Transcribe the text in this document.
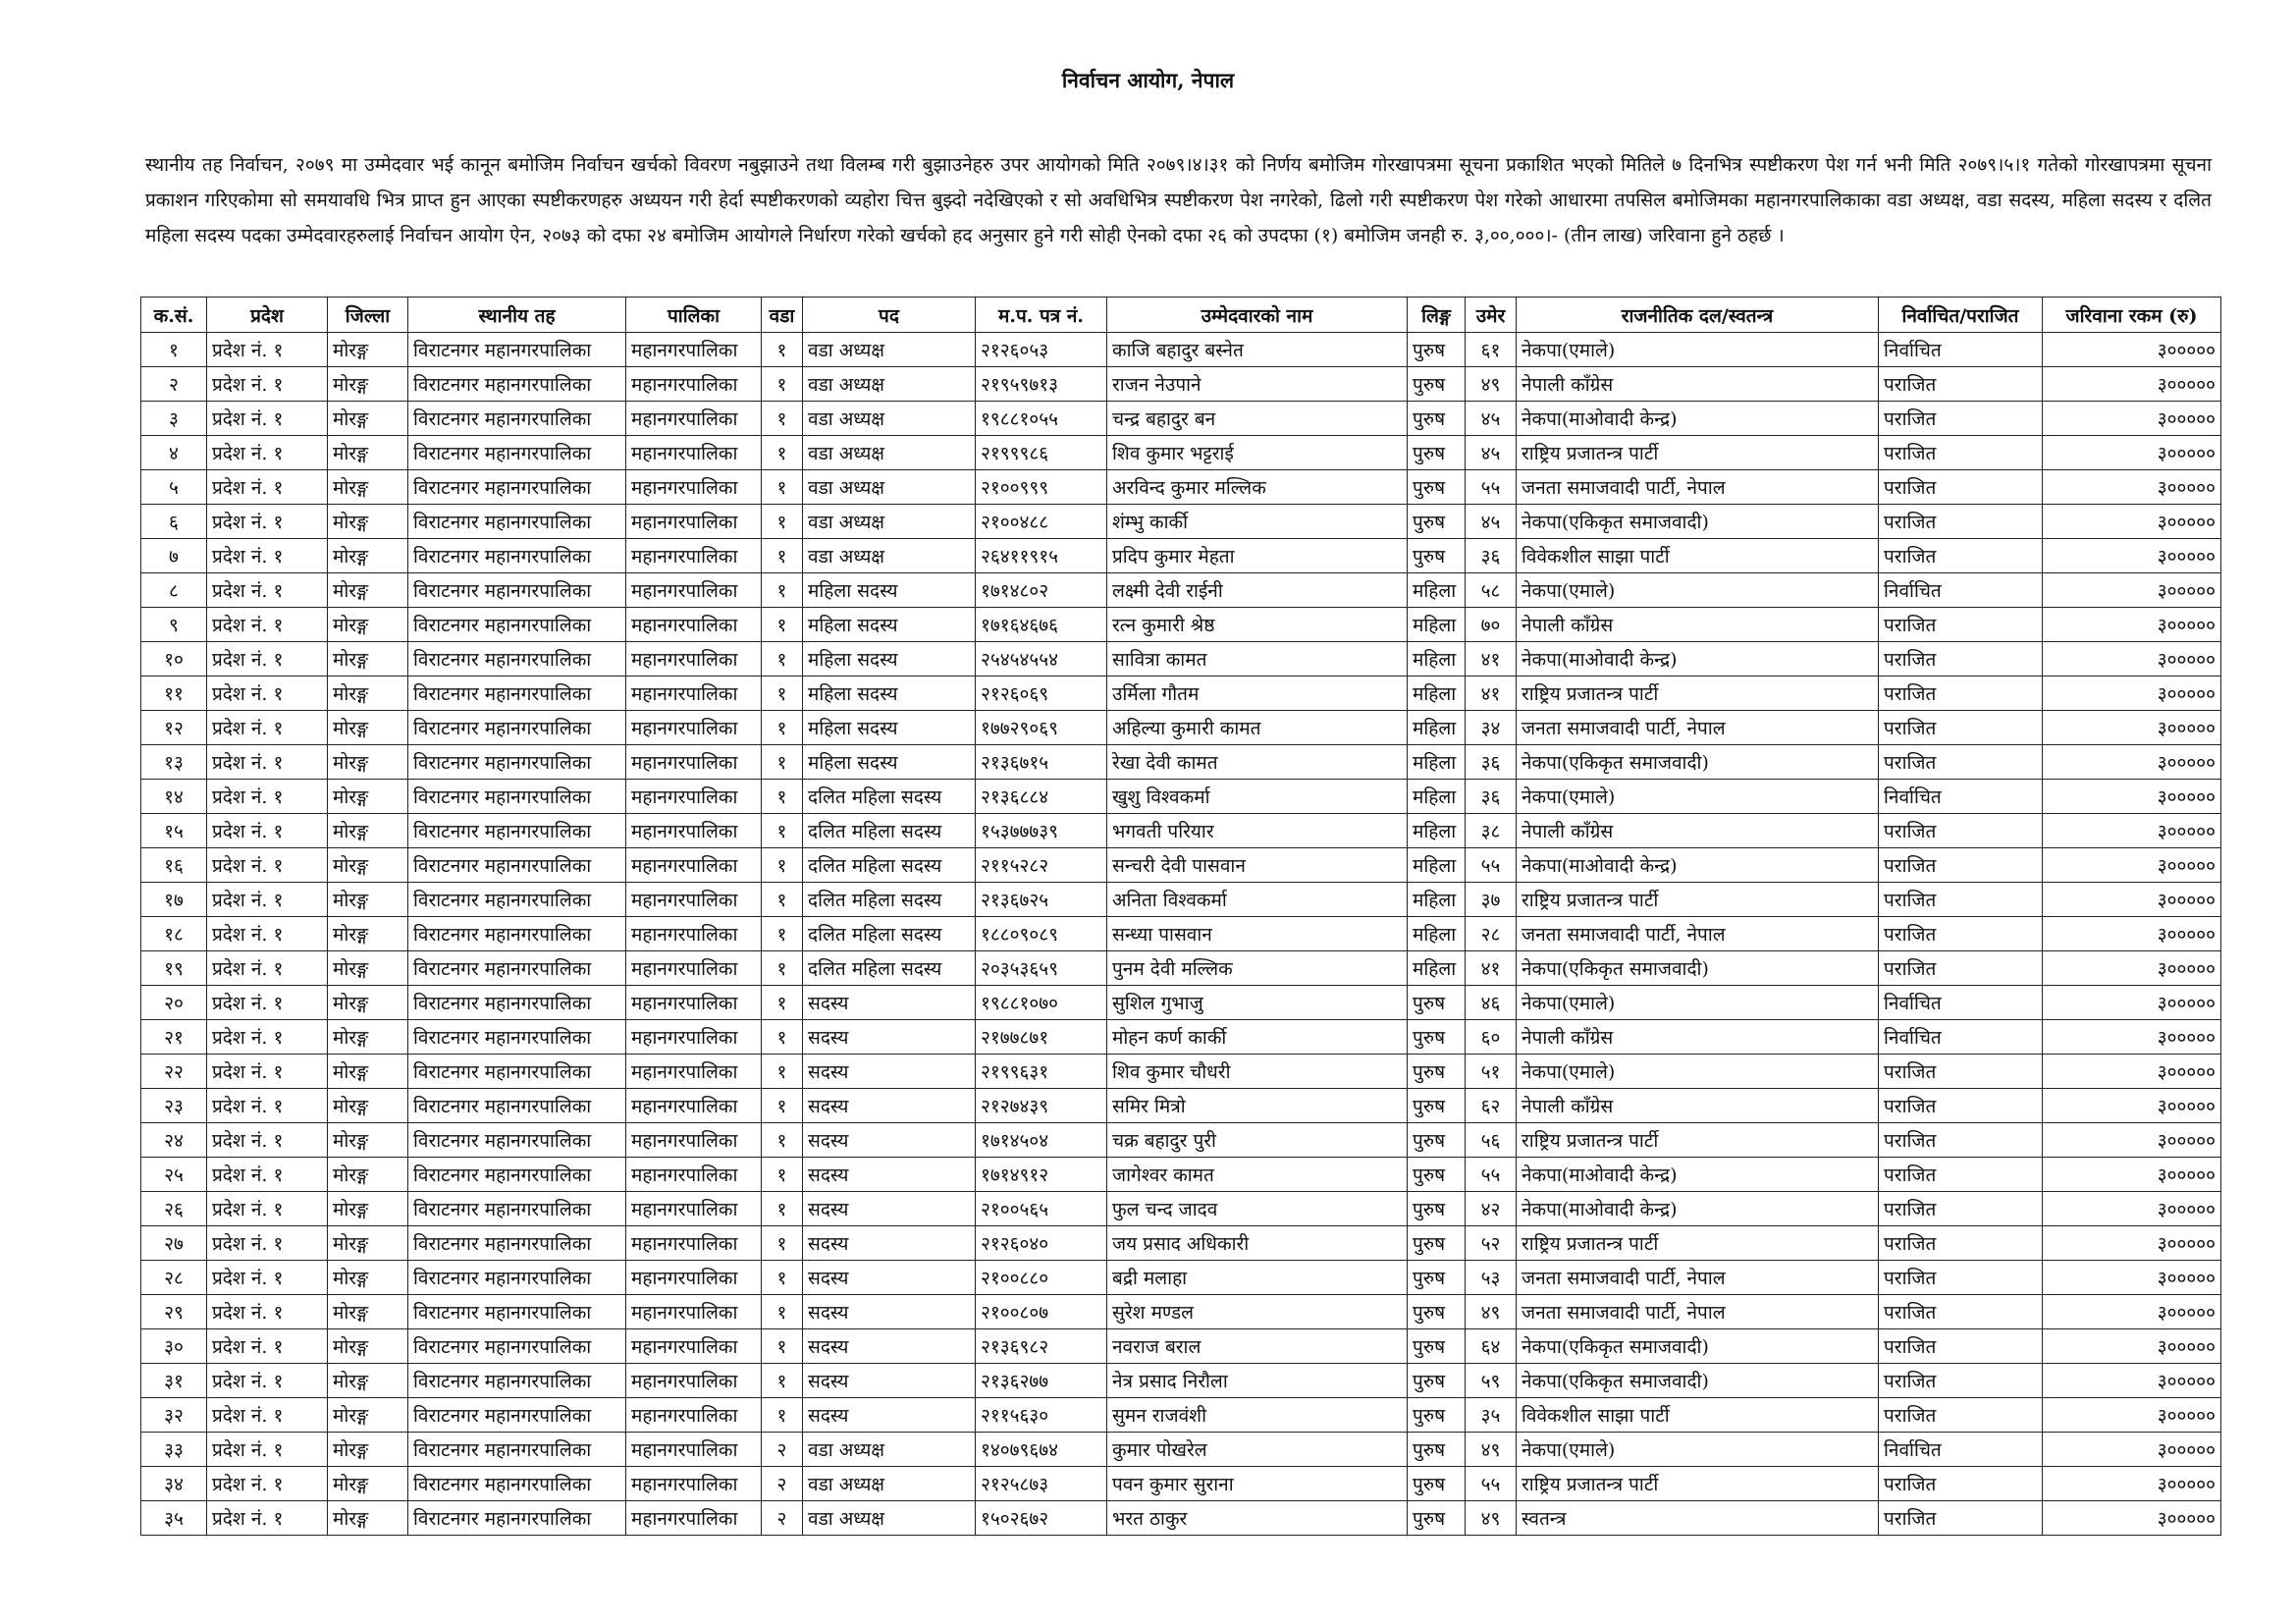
निर्वाचन आयोग, नेपाल
स्थानीय तह निर्वाचन, २०७९ मा उम्मेदवार भई कानून बमोजिम निर्वाचन खर्चको विवरण नबुझाउने तथा विलम्ब गरी बुझाउनेहरु उपर आयोगको मिति २०७९।४।३१ को निर्णय बमोजिम गोरखापत्रमा सूचना प्रकाशित भएको मितिले ७ दिनभित्र स्पष्टीकरण पेश गर्न भनी मिति २०७९।५।१ गतेको गोरखापत्रमा सूचना प्रकाशन गरिएकोमा सो समयावधि भित्र प्राप्त हुन आएका स्पष्टीकरणहरु अध्ययन गरी हेर्दा स्पष्टीकरणको व्यहोरा चित्त बुझ्दो नदेखिएको र सो अवधिभित्र स्पष्टीकरण पेश नगरेको, ढिलो गरी स्पष्टीकरण पेश गरेको आधारमा तपसिल बमोजिमका महानगरपालिकाका वडा अध्यक्ष, वडा सदस्य, महिला सदस्य र दलित महिला सदस्य पदका उम्मेदवारहरुलाई निर्वाचन आयोग ऐन, २०७३ को दफा २४ बमोजिम आयोगले निर्धारण गरेको खर्चको हद अनुसार हुने गरी सोही ऐनको दफा २६ को उपदफा (१) बमोजिम जनही रु. ३,००,०००।- (तीन लाख) जरिवाना हुने ठहर्छ ।
क.सं.	प्रदेश	जिल्ला	स्थानीय तह	पालिका	वडा	पद	म.प. पत्र नं.	उम्मेदवारको नाम	लिङ्ग	उमेर	राजनीतिक दल/स्वतन्त्र	निर्वाचित/पराजित	जरिवाना रकम (रु)
१	प्रदेश नं. १	मोरङ्ग	विराटनगर महानगरपालिका	महानगरपालिका	१	वडा अध्यक्ष	२१२६०५३	काजि बहादुर बस्नेत	पुरुष	६१	नेकपा(एमाले)	निर्वाचित	३०००००
२	प्रदेश नं. १	मोरङ्ग	विराटनगर महानगरपालिका	महानगरपालिका	१	वडा अध्यक्ष	२१९५९७१३	राजन नेउपाने	पुरुष	४९	नेपाली काँग्रेस	पराजित	३०००००
३	प्रदेश नं. १	मोरङ्ग	विराटनगर महानगरपालिका	महानगरपालिका	१	वडा अध्यक्ष	१९८८१०५५	चन्द्र बहादुर बन	पुरुष	४५	नेकपा(माओवादी केन्द्र)	पराजित	३०००००
४	प्रदेश नं. १	मोरङ्ग	विराटनगर महानगरपालिका	महानगरपालिका	१	वडा अध्यक्ष	२१९९९८६	शिव कुमार भट्टराई	पुरुष	४५	राष्ट्रिय प्रजातन्त्र पार्टी	पराजित	३०००००
५	प्रदेश नं. १	मोरङ्ग	विराटनगर महानगरपालिका	महानगरपालिका	१	वडा अध्यक्ष	२१००९९९	अरविन्द कुमार मल्लिक	पुरुष	५५	जनता समाजवादी पार्टी, नेपाल	पराजित	३०००००
६	प्रदेश नं. १	मोरङ्ग	विराटनगर महानगरपालिका	महानगरपालिका	१	वडा अध्यक्ष	२१००४८८	शंम्भु कार्की	पुरुष	४५	नेकपा(एकिकृत समाजवादी)	पराजित	३०००००
७	प्रदेश नं. १	मोरङ्ग	विराटनगर महानगरपालिका	महानगरपालिका	१	वडा अध्यक्ष	२६४११९१५	प्रदिप कुमार मेहता	पुरुष	३६	विवेकशील साझा पार्टी	पराजित	३०००००
८	प्रदेश नं. १	मोरङ्ग	विराटनगर महानगरपालिका	महानगरपालिका	१	महिला सदस्य	१७१४८०२	लक्ष्मी देवी राईनी	महिला	५८	नेकपा(एमाले)	निर्वाचित	३०००००
९	प्रदेश नं. १	मोरङ्ग	विराटनगर महानगरपालिका	महानगरपालिका	१	महिला सदस्य	१७१६४६७६	रत्न कुमारी श्रेष्ठ	महिला	७०	नेपाली काँग्रेस	पराजित	३०००००
१०	प्रदेश नं. १	मोरङ्ग	विराटनगर महानगरपालिका	महानगरपालिका	१	महिला सदस्य	२५४५४५५४	सावित्रा कामत	महिला	४१	नेकपा(माओवादी केन्द्र)	पराजित	३०००००
११	प्रदेश नं. १	मोरङ्ग	विराटनगर महानगरपालिका	महानगरपालिका	१	महिला सदस्य	२१२६०६९	उर्मिला गौतम	महिला	४१	राष्ट्रिय प्रजातन्त्र पार्टी	पराजित	३०००००
१२	प्रदेश नं. १	मोरङ्ग	विराटनगर महानगरपालिका	महानगरपालिका	१	महिला सदस्य	१७७२९०६९	अहिल्या कुमारी कामत	महिला	३४	जनता समाजवादी पार्टी, नेपाल	पराजित	३०००००
१३	प्रदेश नं. १	मोरङ्ग	विराटनगर महानगरपालिका	महानगरपालिका	१	महिला सदस्य	२१३६७१५	रेखा देवी कामत	महिला	३६	नेकपा(एकिकृत समाजवादी)	पराजित	३०००००
१४	प्रदेश नं. १	मोरङ्ग	विराटनगर महानगरपालिका	महानगरपालिका	१	दलित महिला सदस्य	२१३६८८४	खुशु विश्वकर्मा	महिला	३६	नेकपा(एमाले)	निर्वाचित	३०००००
१५	प्रदेश नं. १	मोरङ्ग	विराटनगर महानगरपालिका	महानगरपालिका	१	दलित महिला सदस्य	१५३७७७३९	भगवती परियार	महिला	३८	नेपाली काँग्रेस	पराजित	३०००००
१६	प्रदेश नं. १	मोरङ्ग	विराटनगर महानगरपालिका	महानगरपालिका	१	दलित महिला सदस्य	२११५२८२	सन्चरी देवी पासवान	महिला	५५	नेकपा(माओवादी केन्द्र)	पराजित	३०००००
१७	प्रदेश नं. १	मोरङ्ग	विराटनगर महानगरपालिका	महानगरपालिका	१	दलित महिला सदस्य	२१३६७२५	अनिता विश्वकर्मा	महिला	३७	राष्ट्रिय प्रजातन्त्र पार्टी	पराजित	३०००००
१८	प्रदेश नं. १	मोरङ्ग	विराटनगर महानगरपालिका	महानगरपालिका	१	दलित महिला सदस्य	१८८०९०८९	सन्ध्या पासवान	महिला	२८	जनता समाजवादी पार्टी, नेपाल	पराजित	३०००००
१९	प्रदेश नं. १	मोरङ्ग	विराटनगर महानगरपालिका	महानगरपालिका	१	दलित महिला सदस्य	२०३५३६५९	पुनम देवी मल्लिक	महिला	४१	नेकपा(एकिकृत समाजवादी)	पराजित	३०००००
२०	प्रदेश नं. १	मोरङ्ग	विराटनगर महानगरपालिका	महानगरपालिका	१	सदस्य	१९८८१०७०	सुशिल गुभाजु	पुरुष	४६	नेकपा(एमाले)	निर्वाचित	३०००००
२१	प्रदेश नं. १	मोरङ्ग	विराटनगर महानगरपालिका	महानगरपालिका	१	सदस्य	२१७७८७१	मोहन कर्ण कार्की	पुरुष	६०	नेपाली काँग्रेस	निर्वाचित	३०००००
२२	प्रदेश नं. १	मोरङ्ग	विराटनगर महानगरपालिका	महानगरपालिका	१	सदस्य	२१९९६३१	शिव कुमार चौधरी	पुरुष	५१	नेकपा(एमाले)	पराजित	३०००००
२३	प्रदेश नं. १	मोरङ्ग	विराटनगर महानगरपालिका	महानगरपालिका	१	सदस्य	२१२७४३९	समिर मित्रो	पुरुष	६२	नेपाली काँग्रेस	पराजित	३०००००
२४	प्रदेश नं. १	मोरङ्ग	विराटनगर महानगरपालिका	महानगरपालिका	१	सदस्य	१७१४५०४	चक्र बहादुर पुरी	पुरुष	५६	राष्ट्रिय प्रजातन्त्र पार्टी	पराजित	३०००००
२५	प्रदेश नं. १	मोरङ्ग	विराटनगर महानगरपालिका	महानगरपालिका	१	सदस्य	१७१४९१२	जागेश्वर कामत	पुरुष	५५	नेकपा(माओवादी केन्द्र)	पराजित	३०००००
२६	प्रदेश नं. १	मोरङ्ग	विराटनगर महानगरपालिका	महानगरपालिका	१	सदस्य	२१००५६५	फुल चन्द जादव	पुरुष	४२	नेकपा(माओवादी केन्द्र)	पराजित	३०००००
२७	प्रदेश नं. १	मोरङ्ग	विराटनगर महानगरपालिका	महानगरपालिका	१	सदस्य	२१२६०४०	जय प्रसाद अधिकारी	पुरुष	५२	राष्ट्रिय प्रजातन्त्र पार्टी	पराजित	३०००००
२८	प्रदेश नं. १	मोरङ्ग	विराटनगर महानगरपालिका	महानगरपालिका	१	सदस्य	२१००८८०	बद्री मलाहा	पुरुष	५३	जनता समाजवादी पार्टी, नेपाल	पराजित	३०००००
२९	प्रदेश नं. १	मोरङ्ग	विराटनगर महानगरपालिका	महानगरपालिका	१	सदस्य	२१००८०७	सुरेश मण्डल	पुरुष	४९	जनता समाजवादी पार्टी, नेपाल	पराजित	३०००००
३०	प्रदेश नं. १	मोरङ्ग	विराटनगर महानगरपालिका	महानगरपालिका	१	सदस्य	२१३६९८२	नवराज बराल	पुरुष	६४	नेकपा(एकिकृत समाजवादी)	पराजित	३०००००
३१	प्रदेश नं. १	मोरङ्ग	विराटनगर महानगरपालिका	महानगरपालिका	१	सदस्य	२१३६२७७	नेत्र प्रसाद निरौला	पुरुष	५९	नेकपा(एकिकृत समाजवादी)	पराजित	३०००००
३२	प्रदेश नं. १	मोरङ्ग	विराटनगर महानगरपालिका	महानगरपालिका	१	सदस्य	२११५६३०	सुमन राजवंशी	पुरुष	३५	विवेकशील साझा पार्टी	पराजित	३०००००
३३	प्रदेश नं. १	मोरङ्ग	विराटनगर महानगरपालिका	महानगरपालिका	२	वडा अध्यक्ष	१४०७९६७४	कुमार पोखरेल	पुरुष	४९	नेकपा(एमाले)	निर्वाचित	३०००००
३४	प्रदेश नं. १	मोरङ्ग	विराटनगर महानगरपालिका	महानगरपालिका	२	वडा अध्यक्ष	२१२५८७३	पवन कुमार सुराना	पुरुष	५५	राष्ट्रिय प्रजातन्त्र पार्टी	पराजित	३०००००
३५	प्रदेश नं. १	मोरङ्ग	विराटनगर महानगरपालिका	महानगरपालिका	२	वडा अध्यक्ष	१५०२६७२	भरत ठाकुर	पुरुष	४९	स्वतन्त्र	पराजित	३०००००
